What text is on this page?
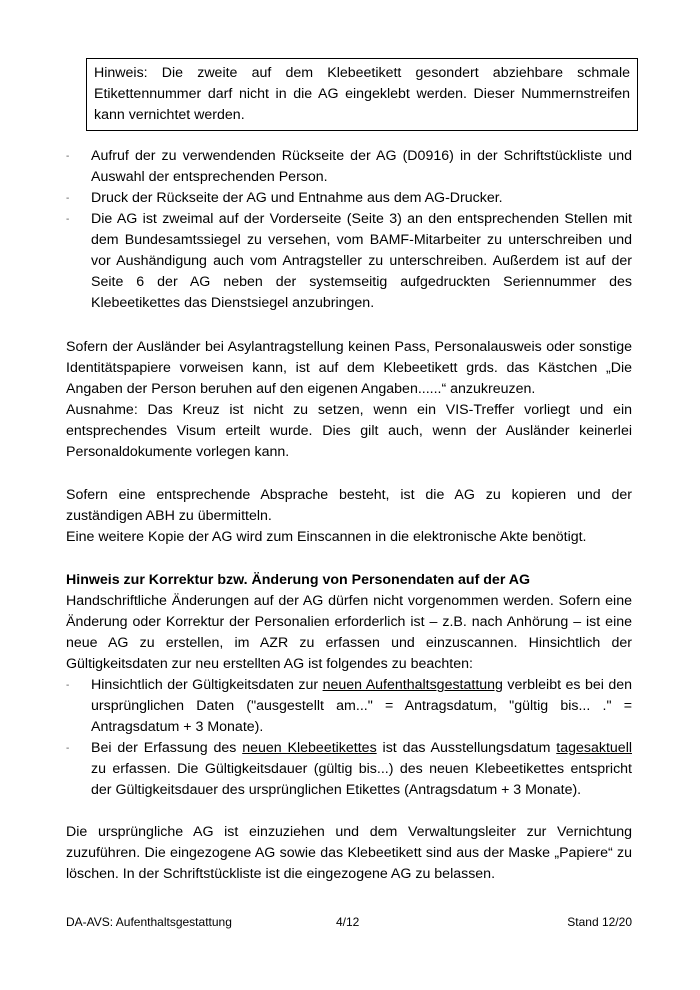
Hinweis: Die zweite auf dem Klebeetikett gesondert abziehbare schmale Etikettennummer darf nicht in die AG eingeklebt werden. Dieser Nummernstreifen kann vernichtet werden.
- Aufruf der zu verwendenden Rückseite der AG (D0916) in der Schriftstückliste und Auswahl der entsprechenden Person.
- Druck der Rückseite der AG und Entnahme aus dem AG-Drucker.
- Die AG ist zweimal auf der Vorderseite (Seite 3) an den entsprechenden Stellen mit dem Bundesamtssiegel zu versehen, vom BAMF-Mitarbeiter zu unterschreiben und vor Aushändigung auch vom Antragsteller zu unterschreiben. Außerdem ist auf der Seite 6 der AG neben der systemseitig aufgedruckten Seriennummer des Klebeetikettes das Dienstsiegel anzubringen.

Sofern der Ausländer bei Asylantragstellung keinen Pass, Personalausweis oder sonstige Identitätspapiere vorweisen kann, ist auf dem Klebeetikett grds. das Kästchen „Die Angaben der Person beruhen auf den eigenen Angaben......“ anzukreuzen.
Ausnahme: Das Kreuz ist nicht zu setzen, wenn ein VIS-Treffer vorliegt und ein entsprechendes Visum erteilt wurde. Dies gilt auch, wenn der Ausländer keinerlei Personaldokumente vorlegen kann.

Sofern eine entsprechende Absprache besteht, ist die AG zu kopieren und der zuständigen ABH zu übermitteln.
Eine weitere Kopie der AG wird zum Einscannen in die elektronische Akte benötigt.

Hinweis zur Korrektur bzw. Änderung von Personendaten auf der AG

Handschriftliche Änderungen auf der AG dürfen nicht vorgenommen werden. Sofern eine Änderung oder Korrektur der Personalien erforderlich ist – z.B. nach Anhörung – ist eine neue AG zu erstellen, im AZR zu erfassen und einzuscannen. Hinsichtlich der Gültigkeitsdaten zur neu erstellten AG ist folgendes zu beachten:

- Hinsichtlich der Gültigkeitsdaten zur neuen Aufenthaltsgestattung verbleibt es bei den ursprünglichen Daten ("ausgestellt am..." = Antragsdatum, "gültig bis... ." = Antragsdatum + 3 Monate).
- Bei der Erfassung des neuen Klebeetikettes ist das Ausstellungsdatum tagesaktuell zu erfassen. Die Gültigkeitsdauer (gültig bis...) des neuen Klebeetikettes entspricht der Gültigkeitsdauer des ursprünglichen Etikettes (Antragsdatum + 3 Monate).

Die ursprüngliche AG ist einzuziehen und dem Verwaltungsleiter zur Vernichtung zuzuführen. Die eingezogene AG sowie das Klebeetikett sind aus der Maske „Papiere“ zu löschen. In der Schriftstückliste ist die eingezogene AG zu belassen.

DA-AVS: Aufenthaltsgestattung	4/12	Stand 12/20
